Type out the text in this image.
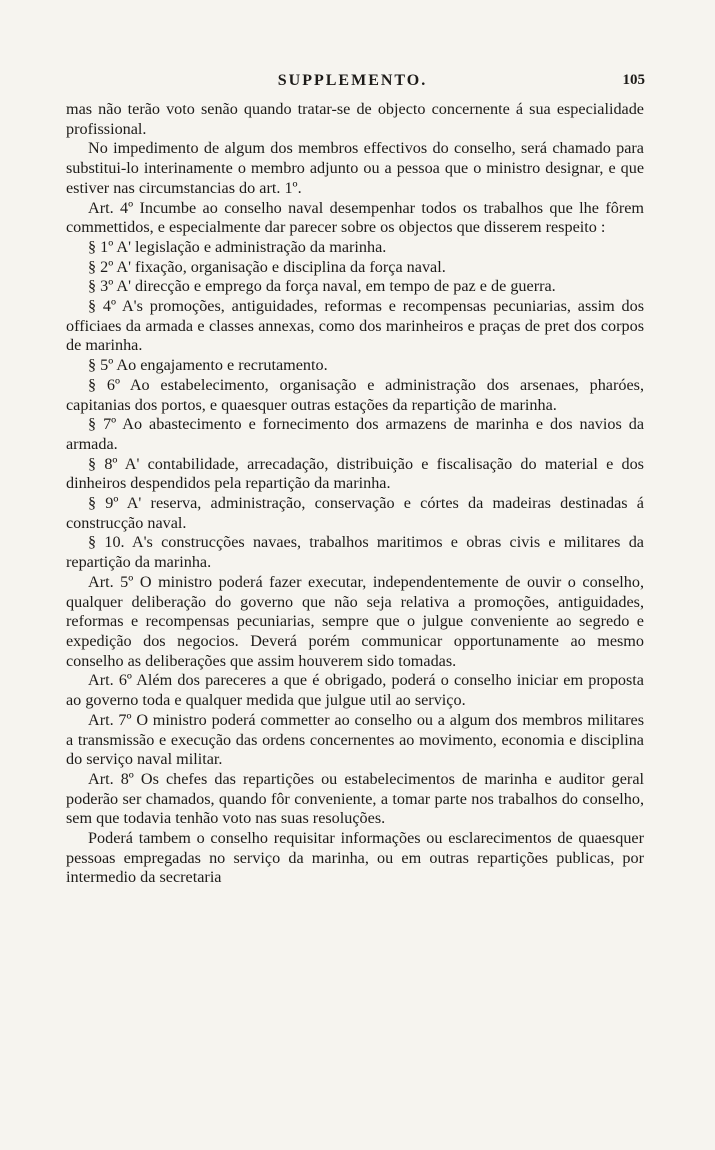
SUPPLEMENTO.	105

mas não terão voto senão quando tratar-se de objecto concernente á sua especialidade profissional.

No impedimento de algum dos membros effectivos do conselho, será chamado para substitui-lo interinamente o membro adjunto ou a pessoa que o ministro designar, e que estiver nas circumstancias do art. 1º.

Art. 4º Incumbe ao conselho naval desempenhar todos os trabalhos que lhe fôrem commettidos, e especialmente dar parecer sobre os objectos que disserem respeito :

§ 1º A' legislação e administração da marinha.

§ 2º A' fixação, organisação e disciplina da força naval.

§ 3º A' direcção e emprego da força naval, em tempo de paz e de guerra.

§ 4º A's promoções, antiguidades, reformas e recompensas pecuniarias, assim dos officiaes da armada e classes annexas, como dos marinheiros e praças de pret dos corpos de marinha.

§ 5º Ao engajamento e recrutamento.

§ 6º Ao estabelecimento, organisação e administração dos arsenaes, pharóes, capitanias dos portos, e quaesquer outras estações da repartição de marinha.

§ 7º Ao abastecimento e fornecimento dos armazens de marinha e dos navios da armada.

§ 8º A' contabilidade, arrecadação, distribuição e fiscalisação do material e dos dinheiros despendidos pela repartição da marinha.

§ 9º A' reserva, administração, conservação e córtes da madeiras destinadas á construcção naval.

§ 10. A's construcções navaes, trabalhos maritimos e obras civis e militares da repartição da marinha.

Art. 5º O ministro poderá fazer executar, independentemente de ouvir o conselho, qualquer deliberação do governo que não seja relativa a promoções, antiguidades, reformas e recompensas pecuniarias, sempre que o julgue conveniente ao segredo e expedição dos negocios. Deverá porém communicar opportunamente ao mesmo conselho as deliberações que assim houverem sido tomadas.

Art. 6º Além dos pareceres a que é obrigado, poderá o conselho iniciar em proposta ao governo toda e qualquer medida que julgue util ao serviço.

Art. 7º O ministro poderá commetter ao conselho ou a algum dos membros militares a transmissão e execução das ordens concernentes ao movimento, economia e disciplina do serviço naval militar.

Art. 8º Os chefes das repartições ou estabelecimentos de marinha e auditor geral poderão ser chamados, quando fôr conveniente, a tomar parte nos trabalhos do conselho, sem que todavia tenhão voto nas suas resoluções.

Poderá tambem o conselho requisitar informações ou esclarecimentos de quaesquer pessoas empregadas no serviço da marinha, ou em outras repartições publicas, por intermedio da secretaria
